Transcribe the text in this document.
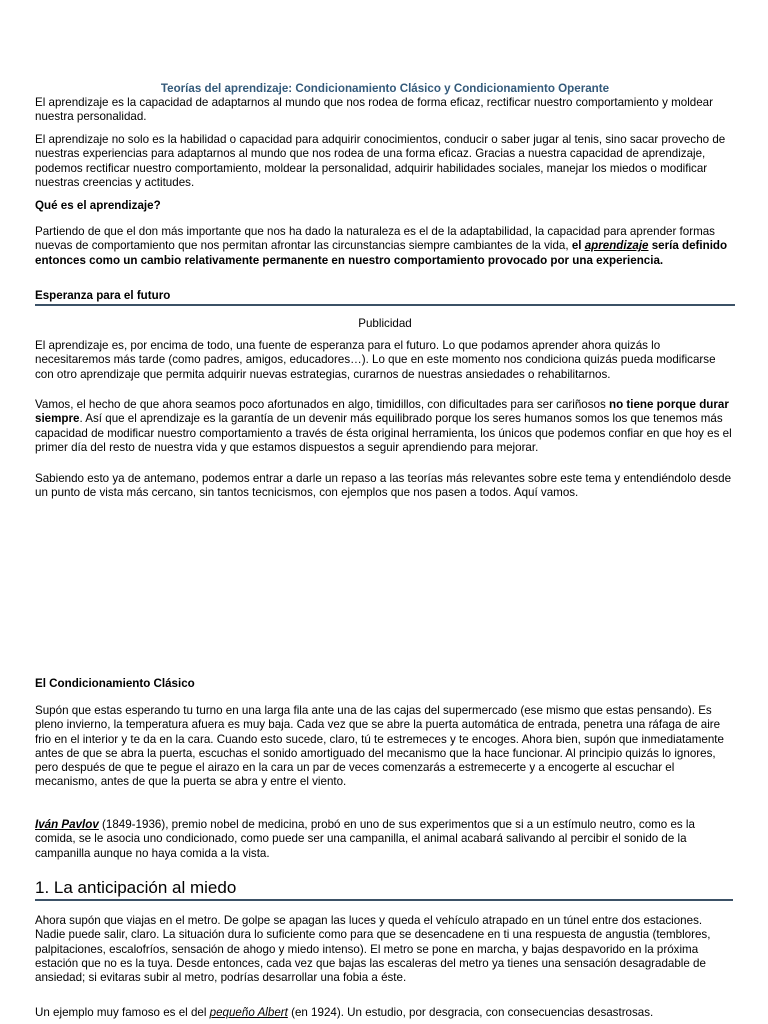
Teorías del aprendizaje: Condicionamiento Clásico y Condicionamiento Operante

El aprendizaje es la capacidad de adaptarnos al mundo que nos rodea de forma eficaz, rectificar nuestro comportamiento y moldear nuestra personalidad.

El aprendizaje no solo es la habilidad o capacidad para adquirir conocimientos, conducir o saber jugar al tenis, sino sacar provecho de nuestras experiencias para adaptarnos al mundo que nos rodea de una forma eficaz. Gracias a nuestra capacidad de aprendizaje, podemos rectificar nuestro comportamiento, moldear la personalidad, adquirir habilidades sociales, manejar los miedos o modificar nuestras creencias y actitudes.

Qué es el aprendizaje?

Partiendo de que el don más importante que nos ha dado la naturaleza es el de la adaptabilidad, la capacidad para aprender formas nuevas de comportamiento que nos permitan afrontar las circunstancias siempre cambiantes de la vida, el aprendizaje sería definido entonces como un cambio relativamente permanente en nuestro comportamiento provocado por una experiencia.

Esperanza para el futuro

Publicidad

El aprendizaje es, por encima de todo, una fuente de esperanza para el futuro. Lo que podamos aprender ahora quizás lo necesitaremos más tarde (como padres, amigos, educadores…). Lo que en este momento nos condiciona quizás pueda modificarse con otro aprendizaje que permita adquirir nuevas estrategias, curarnos de nuestras ansiedades o rehabilitarnos.

Vamos, el hecho de que ahora seamos poco afortunados en algo, timidillos, con dificultades para ser cariñosos no tiene porque durar siempre. Así que el aprendizaje es la garantía de un devenir más equilibrado porque los seres humanos somos los que tenemos más capacidad de modificar nuestro comportamiento a través de ésta original herramienta, los únicos que podemos confiar en que hoy es el primer día del resto de nuestra vida y que estamos dispuestos a seguir aprendiendo para mejorar.

Sabiendo esto ya de antemano, podemos entrar a darle un repaso a las teorías más relevantes sobre este tema y entendiéndolo desde un punto de vista más cercano, sin tantos tecnicismos, con ejemplos que nos pasen a todos. Aquí vamos.

El Condicionamiento Clásico

Supón que estas esperando tu turno en una larga fila ante una de las cajas del supermercado (ese mismo que estas pensando). Es pleno invierno, la temperatura afuera es muy baja. Cada vez que se abre la puerta automática de entrada, penetra una ráfaga de aire frio en el interior y te da en la cara. Cuando esto sucede, claro, tú te estremeces y te encoges. Ahora bien, supón que inmediatamente antes de que se abra la puerta, escuchas el sonido amortiguado del mecanismo que la hace funcionar. Al principio quizás lo ignores, pero después de que te pegue el airazo en la cara un par de veces comenzarás a estremecerte y a encogerte al escuchar el mecanismo, antes de que la puerta se abra y entre el viento.

Iván Pavlov (1849-1936), premio nobel de medicina, probó en uno de sus experimentos que si a un estímulo neutro, como es la comida, se le asocia uno condicionado, como puede ser una campanilla, el animal acabará salivando al percibir el sonido de la campanilla aunque no haya comida a la vista.

1. La anticipación al miedo

Ahora supón que viajas en el metro. De golpe se apagan las luces y queda el vehículo atrapado en un túnel entre dos estaciones. Nadie puede salir, claro. La situación dura lo suficiente como para que se desencadene en ti una respuesta de angustia (temblores, palpitaciones, escalofríos, sensación de ahogo y miedo intenso). El metro se pone en marcha, y bajas despavorido en la próxima estación que no es la tuya. Desde entonces, cada vez que bajas las escaleras del metro ya tienes una sensación desagradable de ansiedad; si evitaras subir al metro, podrías desarrollar una fobia a éste.

Un ejemplo muy famoso es el del pequeño Albert (en 1924). Un estudio, por desgracia, con consecuencias desastrosas.
